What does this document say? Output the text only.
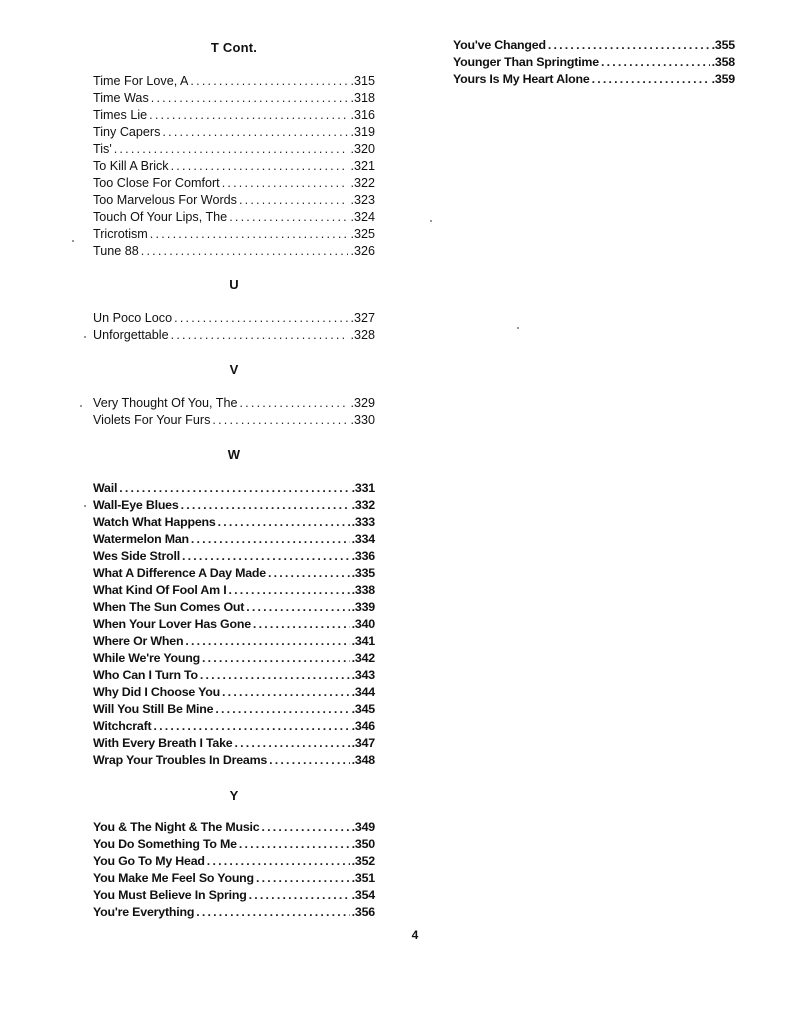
T Cont.
Time For Love, A .....	.315
Time Was .....	.318
Times Lie .....	.316
Tiny Capers .....	.319
Tis' .....	.320
To Kill A Brick .....	.321
Too Close For Comfort .....	.322
Too Marvelous For Words .....	.323
Touch Of Your Lips, The .....	.324
Tricrotism .....	.325
Tune 88 .....	.326
U
Un Poco Loco .....	.327
Unforgettable .....	.328
V
Very Thought Of You, The .....	.329
Violets For Your Furs .....	.330
W
Wail .....	.331
Wall-Eye Blues .....	.332
Watch What Happens .....	.333
Watermelon Man .....	.334
Wes Side Stroll .....	.336
What A Difference A Day Made .....	.335
What Kind Of Fool Am I .....	.338
When The Sun Comes Out .....	.339
When Your Lover Has Gone .....	.340
Where Or When .....	.341
While We're Young .....	.342
Who Can I Turn To .....	.343
Why Did I Choose You .....	.344
Will You Still Be Mine .....	.345
Witchcraft .....	.346
With Every Breath I Take .....	.347
Wrap Your Troubles In Dreams .....	.348
Y
You & The Night & The Music .....	.349
You Do Something To Me .....	.350
You Go To My Head .....	.352
You Make Me Feel So Young .....	.351
You Must Believe In Spring .....	.354
You're Everything .....	.356
You've Changed .....	.355
Younger Than Springtime .....	.358
Yours Is My Heart Alone .....	.359
4
